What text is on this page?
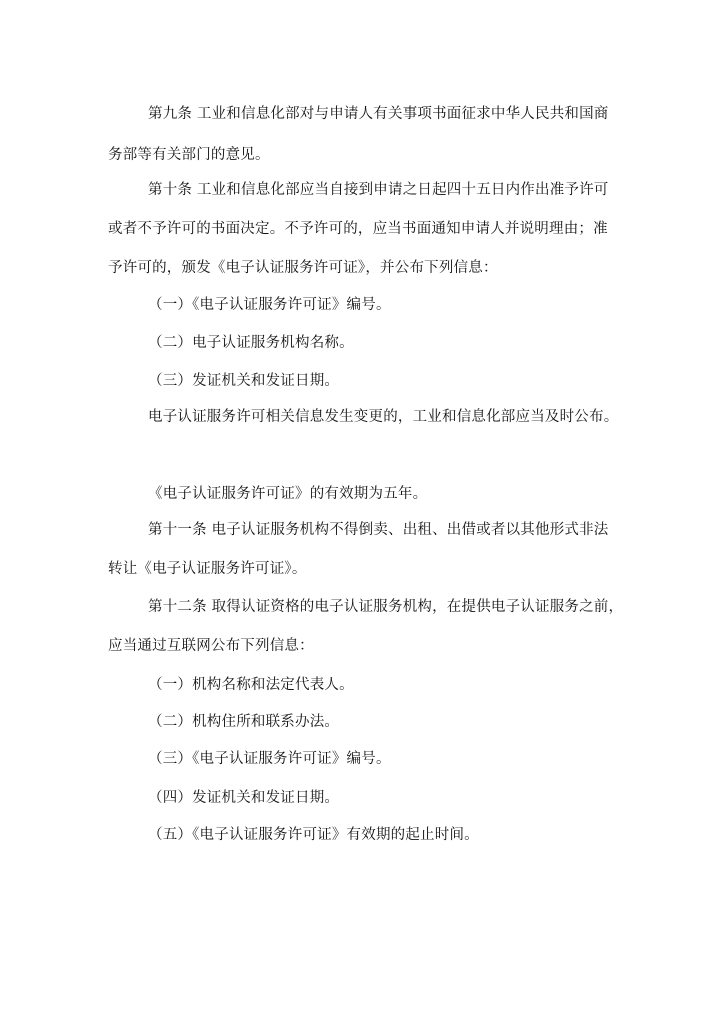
第九条 工业和信息化部对与申请人有关事项书面征求中华人民共和国商
务部等有关部门的意见。
第十条 工业和信息化部应当自接到申请之日起四十五日内作出准予许可
或者不予许可的书面决定。不予许可的，应当书面通知申请人并说明理由；准
予许可的，颁发《电子认证服务许可证》，并公布下列信息：
（一）《电子认证服务许可证》编号。
（二）电子认证服务机构名称。
（三）发证机关和发证日期。
电子认证服务许可相关信息发生变更的，工业和信息化部应当及时公布。
《电子认证服务许可证》的有效期为五年。
第十一条 电子认证服务机构不得倒卖、出租、出借或者以其他形式非法
转让《电子认证服务许可证》。
第十二条 取得认证资格的电子认证服务机构，在提供电子认证服务之前，
应当通过互联网公布下列信息：
（一）机构名称和法定代表人。
（二）机构住所和联系办法。
（三）《电子认证服务许可证》编号。
（四）发证机关和发证日期。
（五）《电子认证服务许可证》有效期的起止时间。
